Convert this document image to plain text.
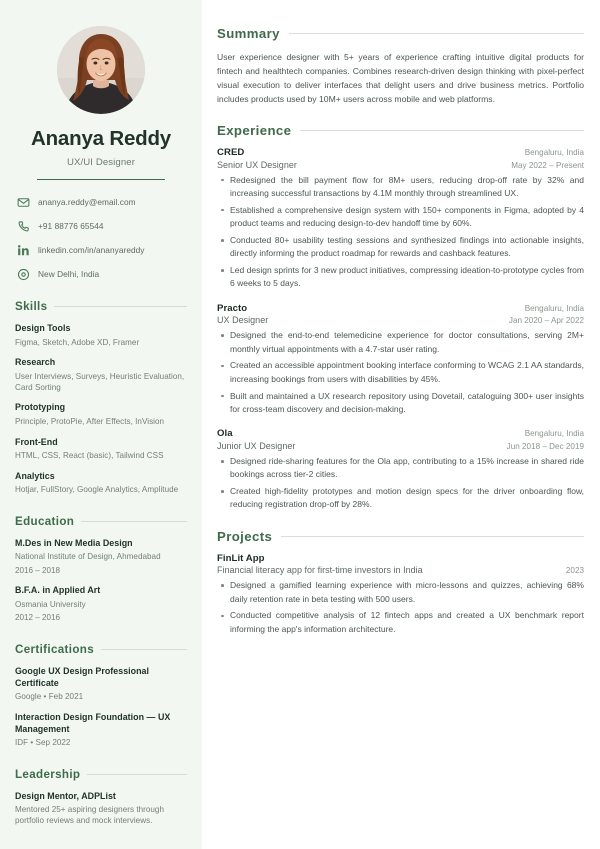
Ananya Reddy
UX/UI Designer
ananya.reddy@email.com
+91 88776 65544
linkedin.com/in/ananyareddy
New Delhi, India
Skills
Design Tools
Figma, Sketch, Adobe XD, Framer
Research
User Interviews, Surveys, Heuristic Evaluation, Card Sorting
Prototyping
Principle, ProtoPie, After Effects, InVision
Front-End
HTML, CSS, React (basic), Tailwind CSS
Analytics
Hotjar, FullStory, Google Analytics, Amplitude
Education
M.Des in New Media Design
National Institute of Design, Ahmedabad
2016 – 2018
B.F.A. in Applied Art
Osmania University
2012 – 2016
Certifications
Google UX Design Professional Certificate
Google • Feb 2021
Interaction Design Foundation — UX Management
IDF • Sep 2022
Leadership
Design Mentor, ADPList
Mentored 25+ aspiring designers through portfolio reviews and mock interviews.
Summary

User experience designer with 5+ years of experience crafting intuitive digital products for fintech and healthtech companies. Combines research-driven design thinking with pixel-perfect visual execution to deliver interfaces that delight users and drive business metrics. Portfolio includes products used by 10M+ users across mobile and web platforms.

Experience
CRED	Bengaluru, India
Senior UX Designer	May 2022 – Present
Redesigned the bill payment flow for 8M+ users, reducing drop-off rate by 32% and increasing successful transactions by 4.1M monthly through streamlined UX.
Established a comprehensive design system with 150+ components in Figma, adopted by 4 product teams and reducing design-to-dev handoff time by 60%.
Conducted 80+ usability testing sessions and synthesized findings into actionable insights, directly informing the product roadmap for rewards and cashback features.
Led design sprints for 3 new product initiatives, compressing ideation-to-prototype cycles from 6 weeks to 5 days.
Practo	Bengaluru, India
UX Designer	Jan 2020 – Apr 2022
Designed the end-to-end telemedicine experience for doctor consultations, serving 2M+ monthly virtual appointments with a 4.7-star user rating.
Created an accessible appointment booking interface conforming to WCAG 2.1 AA standards, increasing bookings from users with disabilities by 45%.
Built and maintained a UX research repository using Dovetail, cataloguing 300+ user insights for cross-team discovery and decision-making.
Ola	Bengaluru, India
Junior UX Designer	Jun 2018 – Dec 2019
Designed ride-sharing features for the Ola app, contributing to a 15% increase in shared ride bookings across tier-2 cities.
Created high-fidelity prototypes and motion design specs for the driver onboarding flow, reducing registration drop-off by 28%.
Projects
FinLit App
Financial literacy app for first-time investors in India	2023
Designed a gamified learning experience with micro-lessons and quizzes, achieving 68% daily retention rate in beta testing with 500 users.
Conducted competitive analysis of 12 fintech apps and created a UX benchmark report informing the app's information architecture.
